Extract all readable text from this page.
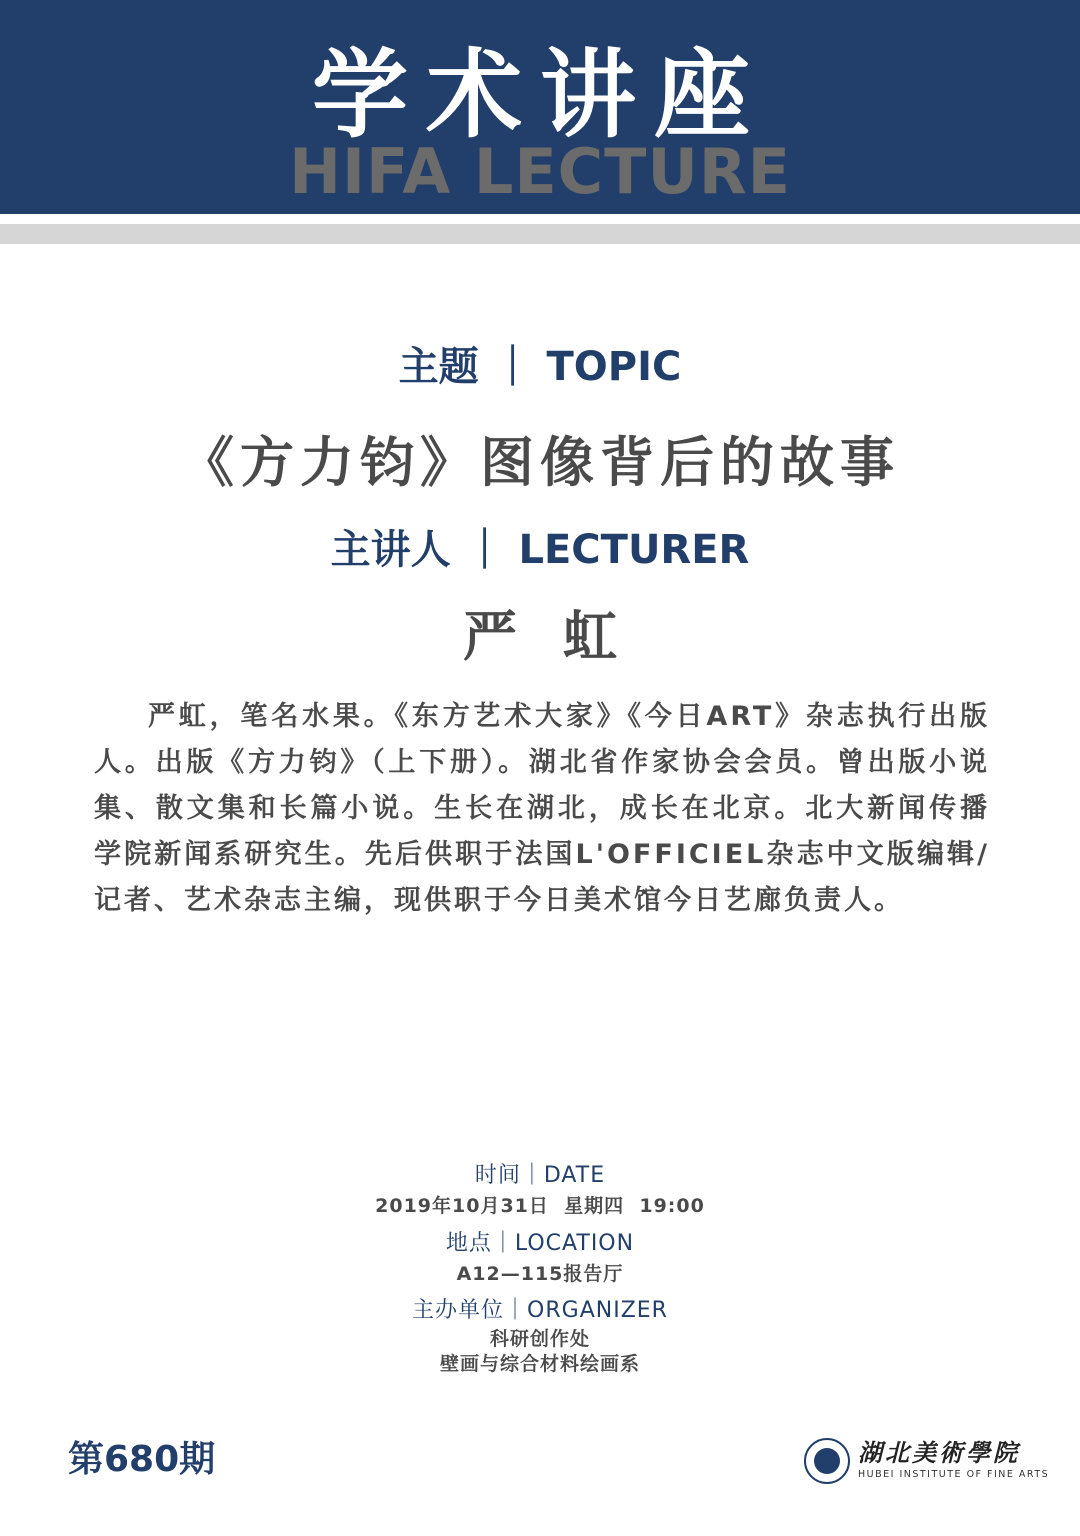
学术讲座
HIFA LECTURE
主题 ｜ TOPIC
《方力钧》图像背后的故事
主讲人 ｜ LECTURER
严虹

严虹，笔名水果。《东方艺术大家》《今日ART》杂志执行出版人。出版《方力钧》（上下册）。湖北省作家协会会员。曾出版小说集、散文集和长篇小说。生长在湖北，成长在北京。北大新闻传播学院新闻系研究生。先后供职于法国L'OFFICIEL杂志中文版编辑/记者、艺术杂志主编，现供职于今日美术馆今日艺廊负责人。

时间｜DATE
2019年10月31日  星期四  19:00
地点｜LOCATION
A12—115报告厅
主办单位｜ORGANIZER
科研创作处
壁画与综合材料绘画系
第680期	湖北美術學院
HUBEI INSTITUTE OF FINE ARTS
